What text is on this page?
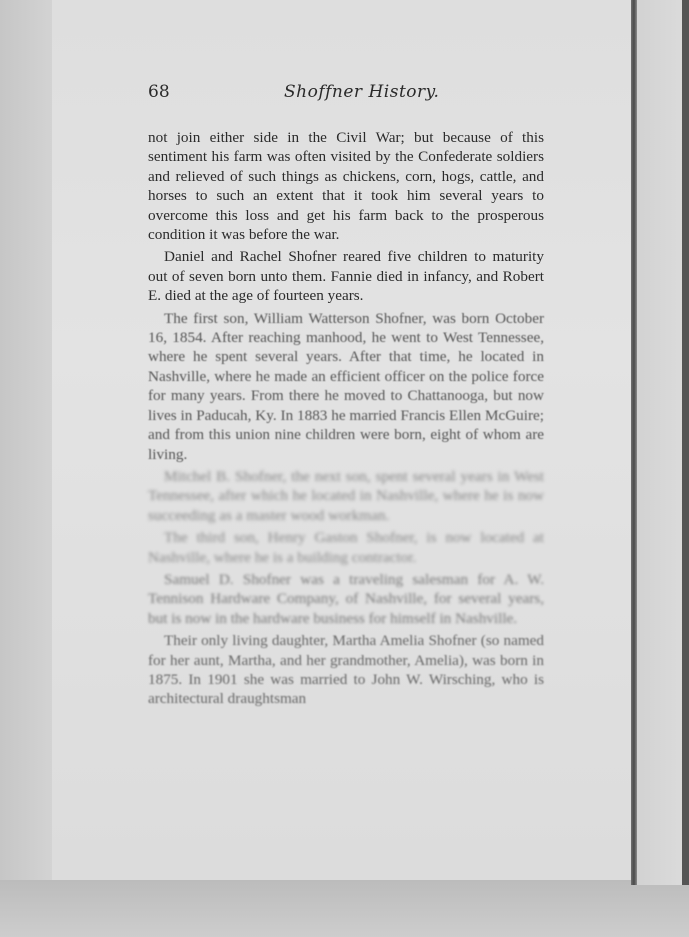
68	Shoffner History.

not join either side in the Civil War; but because of this sentiment his farm was often visited by the Confederate soldiers and relieved of such things as chickens, corn, hogs, cattle, and horses to such an extent that it took him several years to overcome this loss and get his farm back to the prosperous condition it was before the war.

Daniel and Rachel Shofner reared five children to maturity out of seven born unto them. Fannie died in infancy, and Robert E. died at the age of fourteen years.

The first son, William Watterson Shofner, was born October 16, 1854. After reaching manhood, he went to West Tennessee, where he spent several years. After that time, he located in Nashville, where he made an efficient officer on the police force for many years. From there he moved to Chattanooga, but now lives in Paducah, Ky. In 1883 he married Francis Ellen McGuire; and from this union nine children were born, eight of whom are living.

Mitchel B. Shofner, the next son, spent several years in West Tennessee, after which he located in Nashville, where he is now succeeding as a master wood workman.

The third son, Henry Gaston Shofner, is now located at Nashville, where he is a building contractor.

Samuel D. Shofner was a traveling salesman for A. W. Tennison Hardware Company, of Nashville, for several years, but is now in the hardware business for himself in Nashville.

Their only living daughter, Martha Amelia Shofner (so named for her aunt, Martha, and her grandmother, Amelia), was born in 1875. In 1901 she was married to John W. Wirsching, who is architectural draughtsman
